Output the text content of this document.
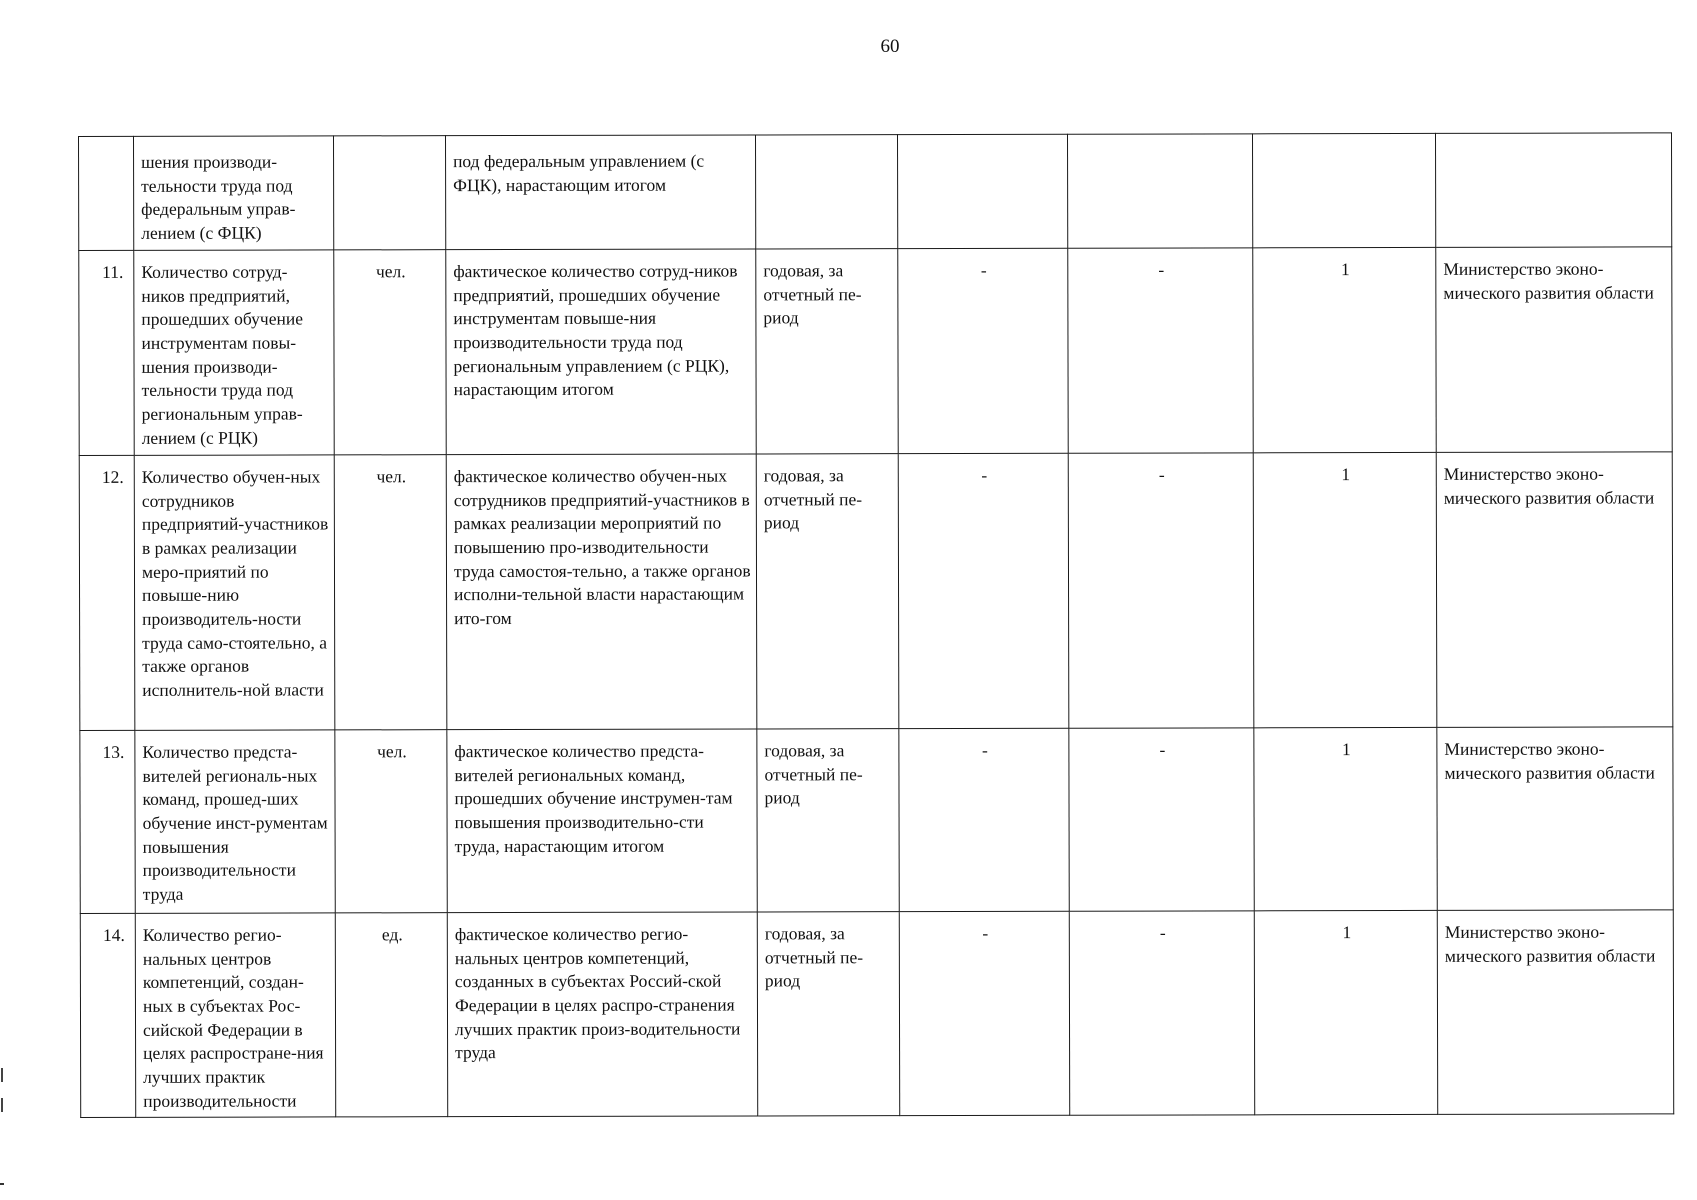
60
	шения производи-тельности труда под федеральным управ-лением (с ФЦК)		под федеральным управлением (с ФЦК), нарастающим итогом					
11.	Количество сотруд-ников предприятий, прошедших обучение инструментам повы-шения производи-тельности труда под региональным управ-лением (с РЦК)	чел.	фактическое количество сотруд-ников предприятий, прошедших обучение инструментам повыше-ния производительности труда под региональным управлением (с РЦК), нарастающим итогом	годовая, за отчетный пе-риод	-	-	1	Министерство эконо-мического развития области
12.	Количество обучен-ных сотрудников предприятий-участников в рамках реализации меро-приятий по повыше-нию производитель-ности труда само-стоятельно, а также органов исполнитель-ной власти	чел.	фактическое количество обучен-ных сотрудников предприятий-участников в рамках реализации мероприятий по повышению про-изводительности труда самостоя-тельно, а также органов исполни-тельной власти нарастающим ито-гом	годовая, за отчетный пе-риод	-	-	1	Министерство эконо-мического развития области
13.	Количество предста-вителей региональ-ных команд, прошед-ших обучение инст-рументам повышения производительности труда	чел.	фактическое количество предста-вителей региональных команд, прошедших обучение инструмен-там повышения производительно-сти труда, нарастающим итогом	годовая, за отчетный пе-риод	-	-	1	Министерство эконо-мического развития области
14.	Количество регио-нальных центров компетенций, создан-ных в субъектах Рос-сийской Федерации в целях распростране-ния лучших практик производительности	ед.	фактическое количество регио-нальных центров компетенций, созданных в субъектах Россий-ской Федерации в целях распро-странения лучших практик произ-водительности труда	годовая, за отчетный пе-риод	-	-	1	Министерство эконо-мического развития области
